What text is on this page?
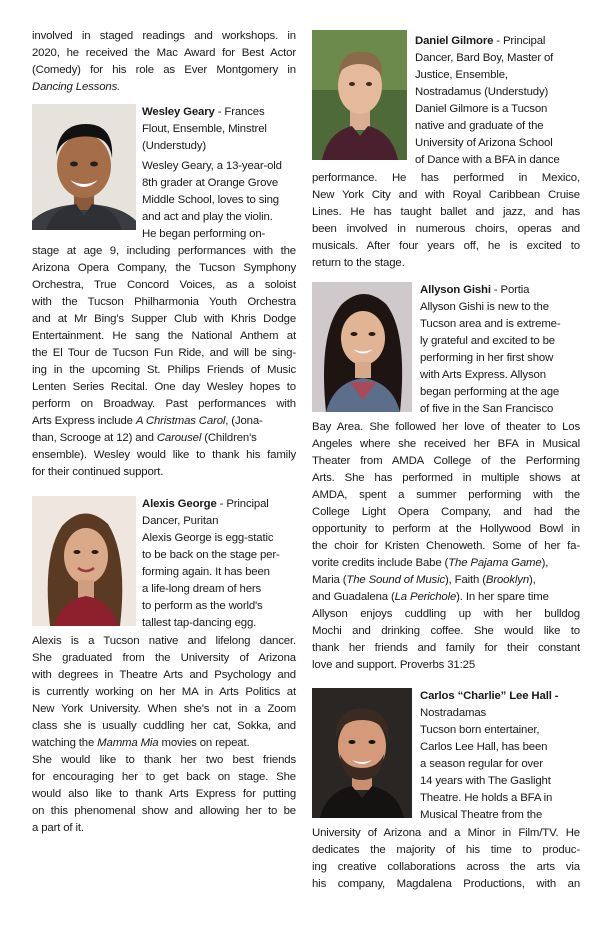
involved in staged readings and workshops. in
2020, he received the Mac Award for Best Actor
(Comedy) for his role as Ever Montgomery in
Dancing Lessons.
Wesley Geary - Frances
Flout, Ensemble, Minstrel
(Understudy)
Wesley Geary, a 13-year-old
8th grader at Orange Grove
Middle School, loves to sing
and act and play the violin.
He began performing on-
stage at age 9, including performances with the
Arizona Opera Company, the Tucson Symphony
Orchestra, True Concord Voices, as a soloist
with the Tucson Philharmonia Youth Orchestra
and at Mr Bing's Supper Club with Khris Dodge
Entertainment. He sang the National Anthem at
the El Tour de Tucson Fun Ride, and will be sing-
ing in the upcoming St. Philips Friends of Music
Lenten Series Recital. One day Wesley hopes to
perform on Broadway. Past performances with
Arts Express include A Christmas Carol, (Jona-
than, Scrooge at 12) and Carousel (Children's
ensemble). Wesley would like to thank his family
for their continued support.
Alexis George - Principal
Dancer, Puritan
Alexis George is egg-static
to be back on the stage per-
forming again. It has been
a life-long dream of hers
to perform as the world's
tallest tap-dancing egg.
Alexis is a Tucson native and lifelong dancer.
She graduated from the University of Arizona
with degrees in Theatre Arts and Psychology and
is currently working on her MA in Arts Politics at
New York University. When she's not in a Zoom
class she is usually cuddling her cat, Sokka, and
watching the Mamma Mia movies on repeat.
She would like to thank her two best friends
for encouraging her to get back on stage. She
would also like to thank Arts Express for putting
on this phenomenal show and allowing her to be
a part of it.
Daniel Gilmore - Principal
Dancer, Bard Boy, Master of
Justice, Ensemble,
Nostradamus (Understudy)
Daniel Gilmore is a Tucson
native and graduate of the
University of Arizona School
of Dance with a BFA in dance
performance. He has performed in Mexico,
New York City and with Royal Caribbean Cruise
Lines. He has taught ballet and jazz, and has
been involved in numerous choirs, operas and
musicals. After four years off, he is excited to
return to the stage.
Allyson Gishi - Portia
Allyson Gishi is new to the
Tucson area and is extreme-
ly grateful and excited to be
performing in her first show
with Arts Express. Allyson
began performing at the age
of five in the San Francisco
Bay Area. She followed her love of theater to Los
Angeles where she received her BFA in Musical
Theater from AMDA College of the Performing
Arts. She has performed in multiple shows at
AMDA, spent a summer performing with the
College Light Opera Company, and had the
opportunity to perform at the Hollywood Bowl in
the choir for Kristen Chenoweth. Some of her fa-
vorite credits include Babe (The Pajama Game),
Maria (The Sound of Music), Faith (Brooklyn),
and Guadalena (La Perichole). In her spare time
Allyson enjoys cuddling up with her bulldog
Mochi and drinking coffee. She would like to
thank her friends and family for their constant
love and support. Proverbs 31:25
Carlos “Charlie” Lee Hall -
Nostradamas
Tucson born entertainer,
Carlos Lee Hall, has been
a season regular for over
14 years with The Gaslight
Theatre. He holds a BFA in
Musical Theatre from the
University of Arizona and a Minor in Film/TV. He
dedicates the majority of his time to produc-
ing creative collaborations across the arts via
his company, Magdalena Productions, with an
